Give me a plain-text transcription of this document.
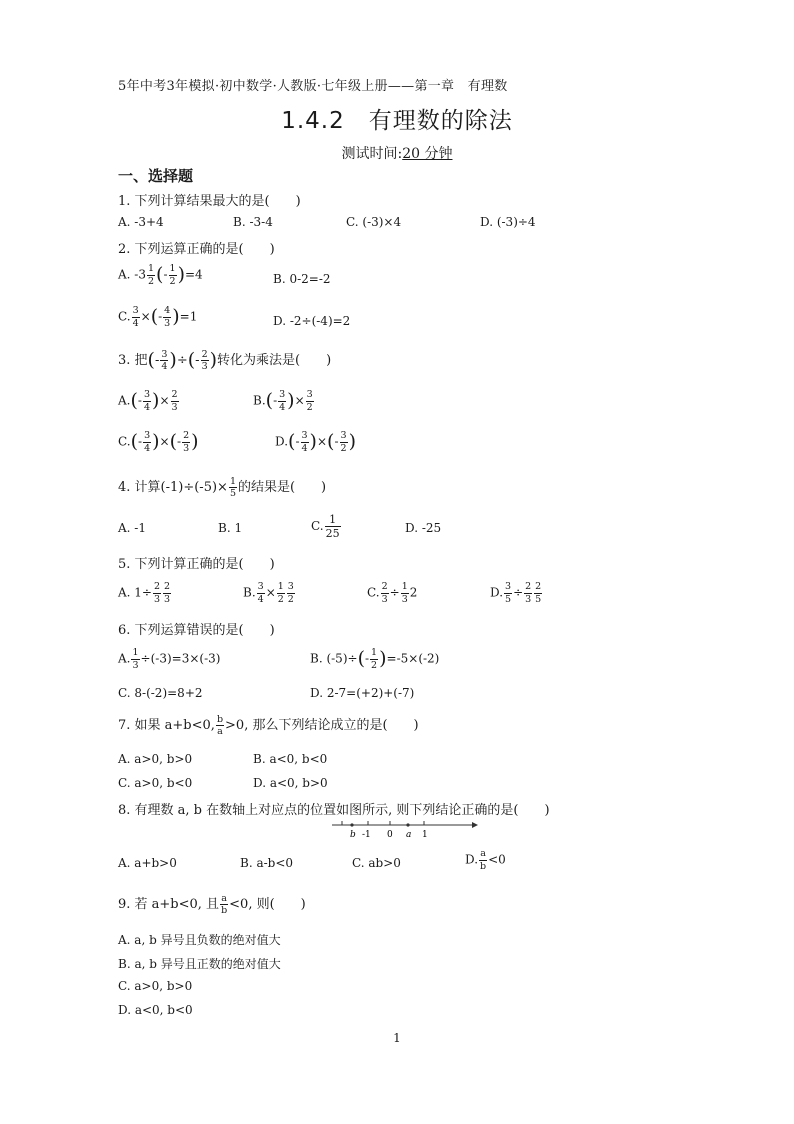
5年中考3年模拟·初中数学·人教版·七年级上册——第一章　有理数
1.4.2　有理数的除法
测试时间:20 分钟
一、选择题
1. 下列计算结果最大的是(　　)
A. -3+4	B. -3-4	C. (-3)×4	D. (-3)÷4
2. 下列运算正确的是(　　)
A. $-3 \frac{1}{2}$ (- $\frac{1}{2} )=4$	B. 0-2=-2
C. $\frac{3}{4}$ ×(- $\frac{4}{3} )=1$	D. -2÷(-4)=2
3. 把(- $\frac{3}{4}$ )÷(- $\frac{2}{3}$ )转化为乘法是(　　)
$A.(- \frac{3}{4}$ )× $\frac{2}{3}$	$B.(- \frac{3}{4}$ )× $\frac{3}{2}$
$C.(- \frac{3}{4}$ )×(- $\frac{2}{3}$ )	$D.(- \frac{3}{4}$ )×(- $\frac{3}{2}$ )
4. 计算$(-1)\div(-5)\times \frac{1}{5}$ 的结果是(　　)
A. -1	B. 1	C. $\frac{1}{25}$	D. -25
5. 下列计算正确的是(　　)
A. $1\div \frac{2}{3} \frac{2}{3}$	B. $\frac{3}{4} \times \frac{1}{2} \frac{3}{2}$	C. $\frac{2}{3} \div \frac{1}{3} 2$	D. $\frac{3}{5} \div \frac{2}{3} \frac{2}{5}$
6. 下列运算错误的是(　　)
A. $\frac{1}{3} \div(-3)=3\times(-3)$	B. $(-5)\div(- \frac{1}{2} )=-5\times(-2)$
C. 8-(-2)=8+2	D. 2-7=(+2)+(-7)
7. 如果 a+b<0, $\frac{b}{a} >0$, 那么下列结论成立的是(　　)
A. a>0, b>0	B. a<0, b<0
C. a>0, b<0	D. a<0, b>0
8. 有理数 a, b 在数轴上对应点的位置如图所示, 则下列结论正确的是(　　)
b -1 0 a 1
A. a+b>0	B. a-b<0	C. ab>0	D. $\frac{a}{b} <0$
9. 若 a+b<0, 且 $\frac{a}{b} <0$, 则(　　)
A. a, b 异号且负数的绝对值大
B. a, b 异号且正数的绝对值大
C. a>0, b>0
D. a<0, b<0
1
